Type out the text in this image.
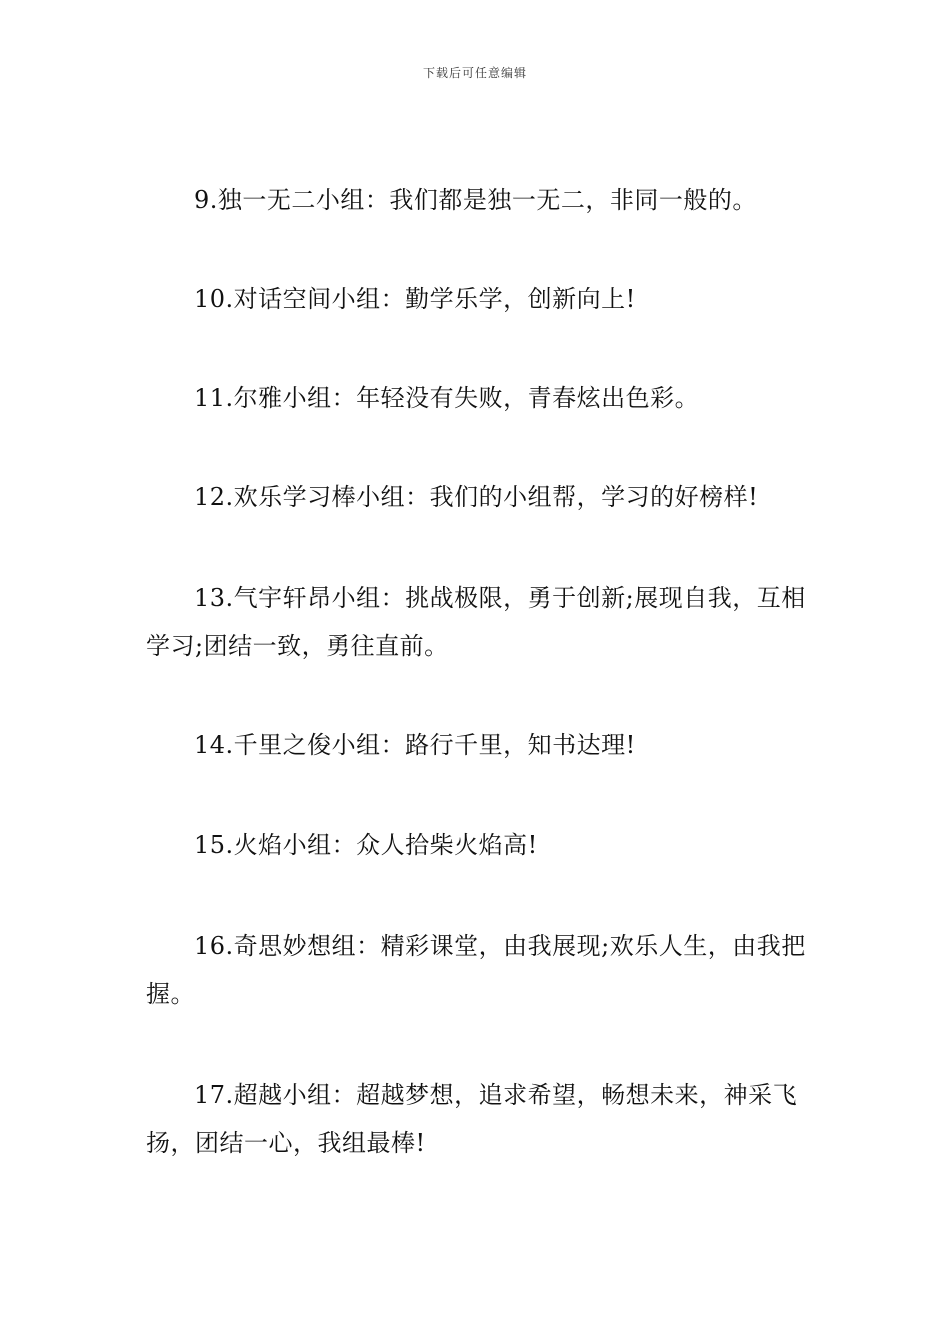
下载后可任意编辑

9.独一无二小组：我们都是独一无二，非同一般的。

10.对话空间小组：勤学乐学，创新向上!

11.尔雅小组：年轻没有失败，青春炫出色彩。

12.欢乐学习棒小组：我们的小组帮，学习的好榜样!

13.气宇轩昂小组：挑战极限，勇于创新;展现自我，互相学习;团结一致，勇往直前。

14.千里之俊小组：路行千里，知书达理!

15.火焰小组：众人拾柴火焰高!

16.奇思妙想组：精彩课堂，由我展现;欢乐人生，由我把握。

17.超越小组：超越梦想，追求希望，畅想未来，神采飞扬，团结一心，我组最棒!
